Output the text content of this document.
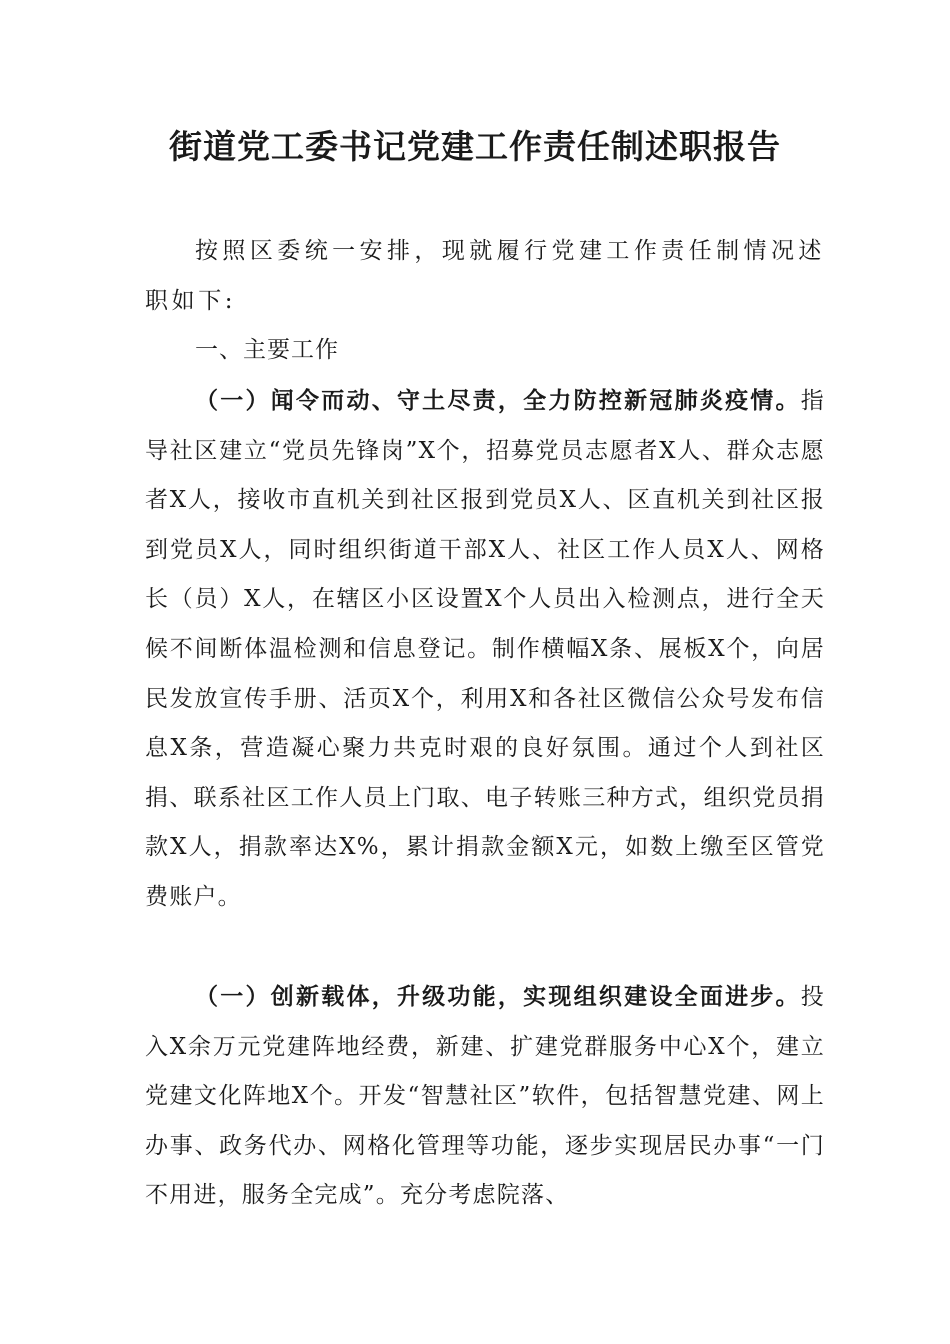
街道党工委书记党建工作责任制述职报告

按照区委统一安排，现就履行党建工作责任制情况述职如下:

一、主要工作

（一）闻令而动、守土尽责，全力防控新冠肺炎疫情。指导社区建立“党员先锋岗”X个，招募党员志愿者X人、群众志愿者X人，接收市直机关到社区报到党员X人、区直机关到社区报到党员X人，同时组织街道干部X人、社区工作人员X人、网格长（员）X人，在辖区小区设置X个人员出入检测点，进行全天候不间断体温检测和信息登记。制作横幅X条、展板X个，向居民发放宣传手册、活页X个，利用X和各社区微信公众号发布信息X条，营造凝心聚力共克时艰的良好氛围。通过个人到社区捐、联系社区工作人员上门取、电子转账三种方式，组织党员捐款X人，捐款率达X%，累计捐款金额X元，如数上缴至区管党费账户。

（一）创新载体，升级功能，实现组织建设全面进步。投入X余万元党建阵地经费，新建、扩建党群服务中心X个，建立党建文化阵地X个。开发“智慧社区”软件，包括智慧党建、网上办事、政务代办、网格化管理等功能，逐步实现居民办事“一门不用进，服务全完成”。充分考虑院落、
